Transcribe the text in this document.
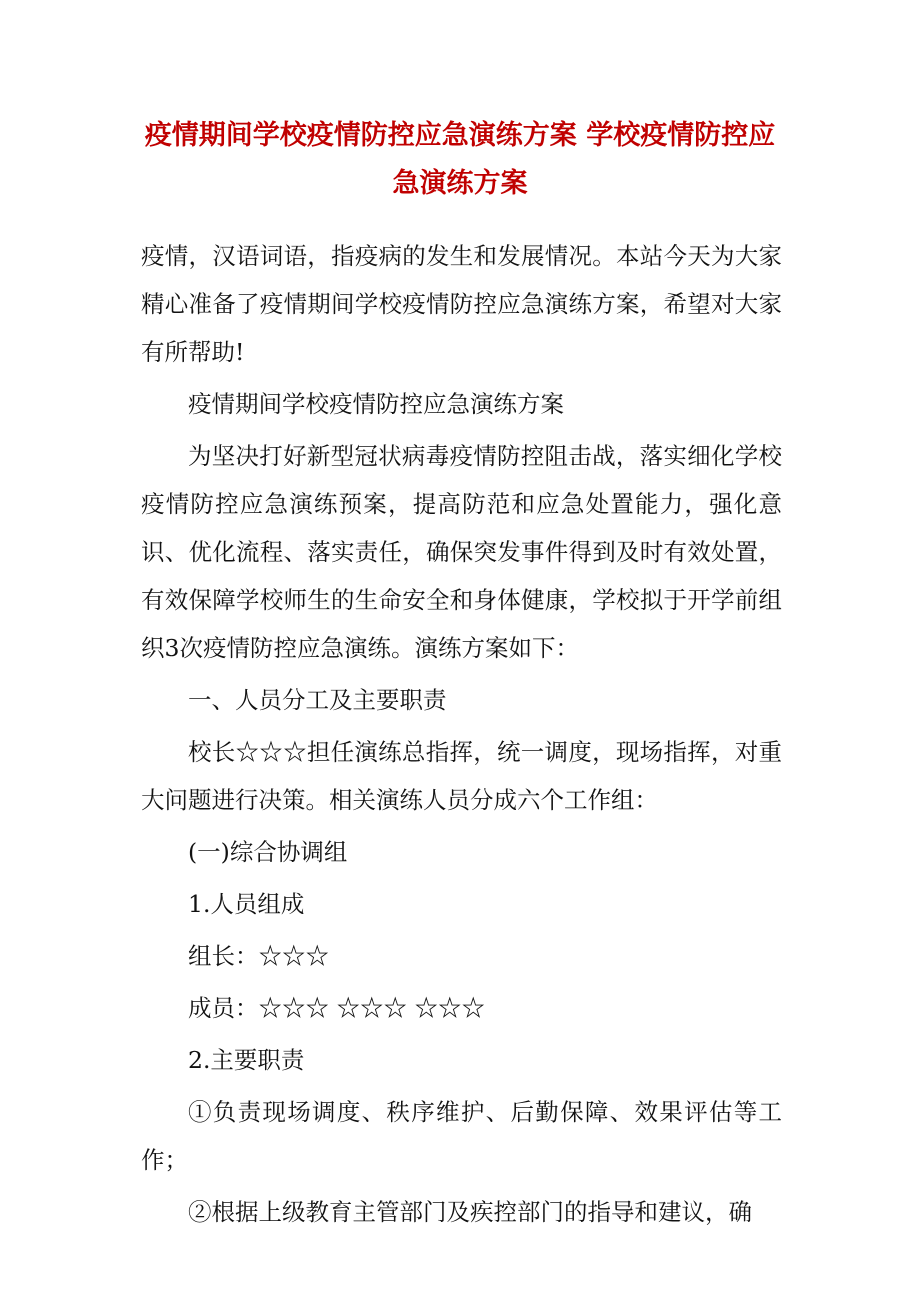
疫情期间学校疫情防控应急演练方案 学校疫情防控应急演练方案

疫情，汉语词语，指疫病的发生和发展情况。本站今天为大家精心准备了疫情期间学校疫情防控应急演练方案，希望对大家有所帮助!

疫情期间学校疫情防控应急演练方案

为坚决打好新型冠状病毒疫情防控阻击战，落实细化学校疫情防控应急演练预案，提高防范和应急处置能力，强化意识、优化流程、落实责任，确保突发事件得到及时有效处置，有效保障学校师生的生命安全和身体健康，学校拟于开学前组织3次疫情防控应急演练。演练方案如下：

一、人员分工及主要职责

校长☆☆☆担任演练总指挥，统一调度，现场指挥，对重大问题进行决策。相关演练人员分成六个工作组：

(一)综合协调组

1.人员组成

组长：☆☆☆

成员：☆☆☆ ☆☆☆ ☆☆☆

2.主要职责

①负责现场调度、秩序维护、后勤保障、效果评估等工作；

②根据上级教育主管部门及疾控部门的指导和建议，确
